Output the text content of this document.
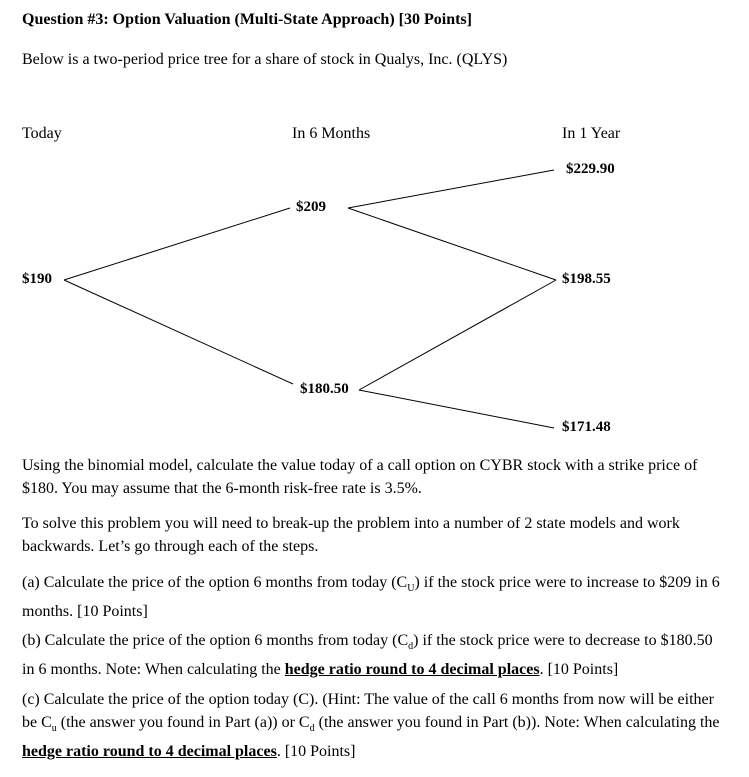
Question #3: Option Valuation (Multi-State Approach) [30 Points]
Below is a two-period price tree for a share of stock in Qualys, Inc. (QLYS)
Today	In 6 Months	In 1 Year
$190
$209
$180.50
$229.90
$198.55
$171.48
Using the binomial model, calculate the value today of a call option on CYBR stock with a strike price of $180. You may assume that the 6-month risk-free rate is 3.5%.
To solve this problem you will need to break-up the problem into a number of 2 state models and work backwards. Let’s go through each of the steps.
(a) Calculate the price of the option 6 months from today $(C_U)$ if the stock price were to increase to $209 in 6 months. [10 Points]
(b) Calculate the price of the option 6 months from today $(C_d)$ if the stock price were to decrease to $180.50 in 6 months. Note: When calculating the hedge ratio round to 4 decimal places. [10 Points]
(c) Calculate the price of the option today (C). (Hint: The value of the call 6 months from now will be either be $C_u$ (the answer you found in Part (a)) or $C_d$ (the answer you found in Part (b)). Note: When calculating the hedge ratio round to 4 decimal places. [10 Points]
